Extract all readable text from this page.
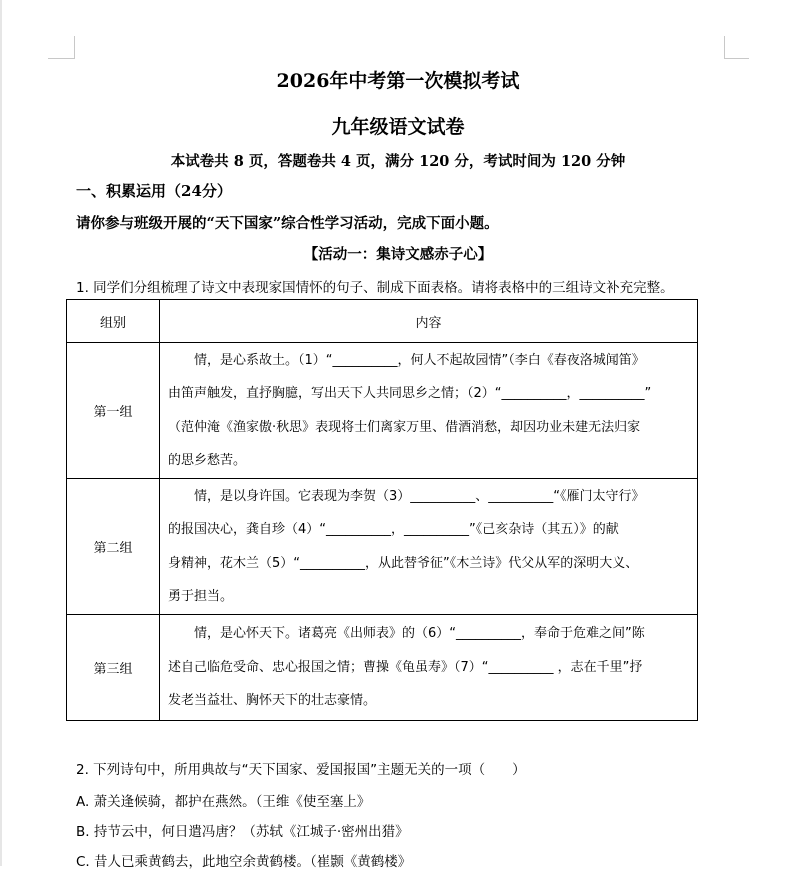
2026年中考第一次模拟考试
九年级语文试卷
本试卷共 8 页，答题卷共 4 页，满分 120 分，考试时间为 120 分钟
一、积累运用（24分）
请你参与班级开展的“天下国家”综合性学习活动，完成下面小题。
【活动一：集诗文感赤子心】
1. 同学们分组梳理了诗文中表现家国情怀的句子、制成下面表格。请将表格中的三组诗文补充完整。
组别	内容
第一组	情，是心系故土。（1）“__________，何人不起故园情”（李白《春夜洛城闻笛》
由笛声触发，直抒胸臆，写出天下人共同思乡之情；（2）“__________，__________”
（范仲淹《渔家傲·秋思》表现将士们离家万里、借酒消愁，却因功业未建无法归家
的思乡愁苦。

第二组	情，是以身许国。它表现为李贺（3）__________、__________“《雁门太守行》
的报国决心，龚自珍（4）“__________，__________”《己亥杂诗（其五）》的献
身精神，花木兰（5）“__________，从此替爷征”《木兰诗》代父从军的深明大义、
勇于担当。

第三组	情，是心怀天下。诸葛亮《出师表》的（6）“__________，奉命于危难之间”陈
述自己临危受命、忠心报国之情；曹操《龟虽寿》（7）“__________ ，志在千里”抒
发老当益壮、胸怀天下的壮志豪情。
2. 下列诗句中，所用典故与“天下国家、爱国报国”主题无关的一项（　　）
A. 萧关逢候骑，都护在燕然。（王维《使至塞上》
B. 持节云中，何日遣冯唐？（苏轼《江城子·密州出猎》
C. 昔人已乘黄鹤去，此地空余黄鹤楼。（崔颢《黄鹤楼》
